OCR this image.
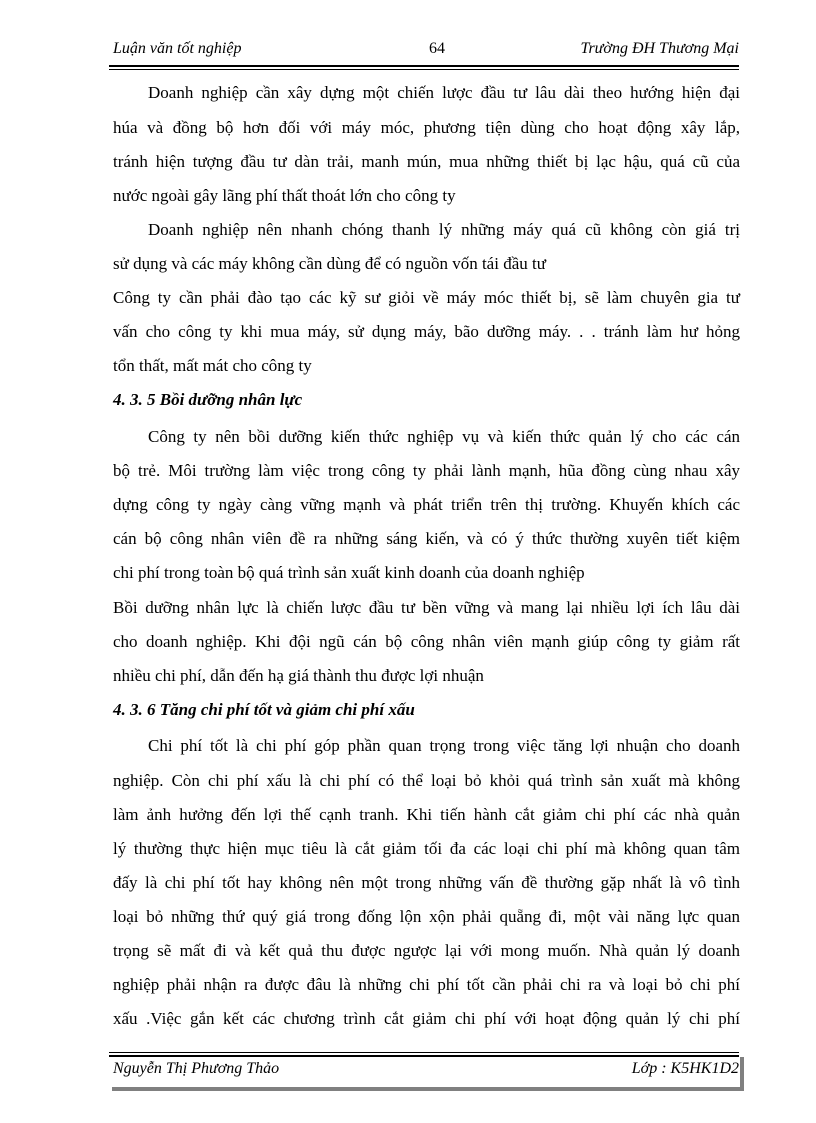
Luận văn tốt nghiệp	64	Trường ĐH Thương Mại
Doanh nghiệp cần xây dựng một chiến lược đầu tư lâu dài theo hướng hiện đại
húa và đồng bộ hơn đối với máy móc, phương tiện dùng cho hoạt động xây lắp,
tránh hiện tượng đầu tư dàn trải, manh mún, mua những thiết bị lạc hậu, quá cũ của
nước ngoài gây lãng phí thất thoát lớn cho công ty
Doanh nghiệp nên nhanh chóng thanh lý những máy quá cũ không còn giá trị
sử dụng và các máy không cần dùng để có nguồn vốn tái đầu tư
Công ty cần phải đào tạo các kỹ sư giỏi về máy móc thiết bị, sẽ làm chuyên gia tư
vấn cho công ty khi mua máy, sử dụng máy, bão dưỡng máy. . . tránh làm hư hỏng
tổn thất, mất mát cho công ty
4. 3. 5 Bồi dưỡng nhân lực
Công ty nên bồi dưỡng kiến thức nghiệp vụ và kiến thức quản lý cho các cán
bộ trẻ. Môi trường làm việc trong công ty phải lành mạnh, hũa đồng cùng nhau xây
dựng công ty ngày càng vững mạnh và phát triển trên thị trường. Khuyến khích các
cán bộ công nhân viên đề ra những sáng kiến, và có ý thức thường xuyên tiết kiệm
chi phí trong toàn bộ quá trình sản xuất kinh doanh của doanh nghiệp
Bồi dưỡng nhân lực là chiến lược đầu tư bền vững và mang lại nhiều lợi ích lâu dài
cho doanh nghiệp. Khi đội ngũ cán bộ công nhân viên mạnh giúp công ty giảm rất
nhiều chi phí, dẫn đến hạ giá thành thu được lợi nhuận
4. 3. 6 Tăng chi phí tốt và giảm chi phí xấu
Chi phí tốt là chi phí góp phần quan trọng trong việc tăng lợi nhuận cho doanh
nghiệp. Còn chi phí xấu là chi phí có thể loại bỏ khỏi quá trình sản xuất mà không
làm ảnh hưởng đến lợi thế cạnh tranh. Khi tiến hành cắt giảm chi phí các nhà quản
lý thường thực hiện mục tiêu là cắt giảm tối đa các loại chi phí mà không quan tâm
đấy là chi phí tốt hay không nên một trong những vấn đề thường gặp nhất là vô tình
loại bỏ những thứ quý giá trong đống lộn xộn phải quẵng đi, một vài năng lực quan
trọng sẽ mất đi và kết quả thu được ngược lại với mong muốn. Nhà quản lý doanh
nghiệp phải nhận ra được đâu là những chi phí tốt cần phải chi ra và loại bỏ chi phí
xấu .Việc gắn kết các chương trình cắt giảm chi phí với hoạt động quản lý chi phí
Nguyễn Thị Phương Thảo	Lớp : K5HK1D2
